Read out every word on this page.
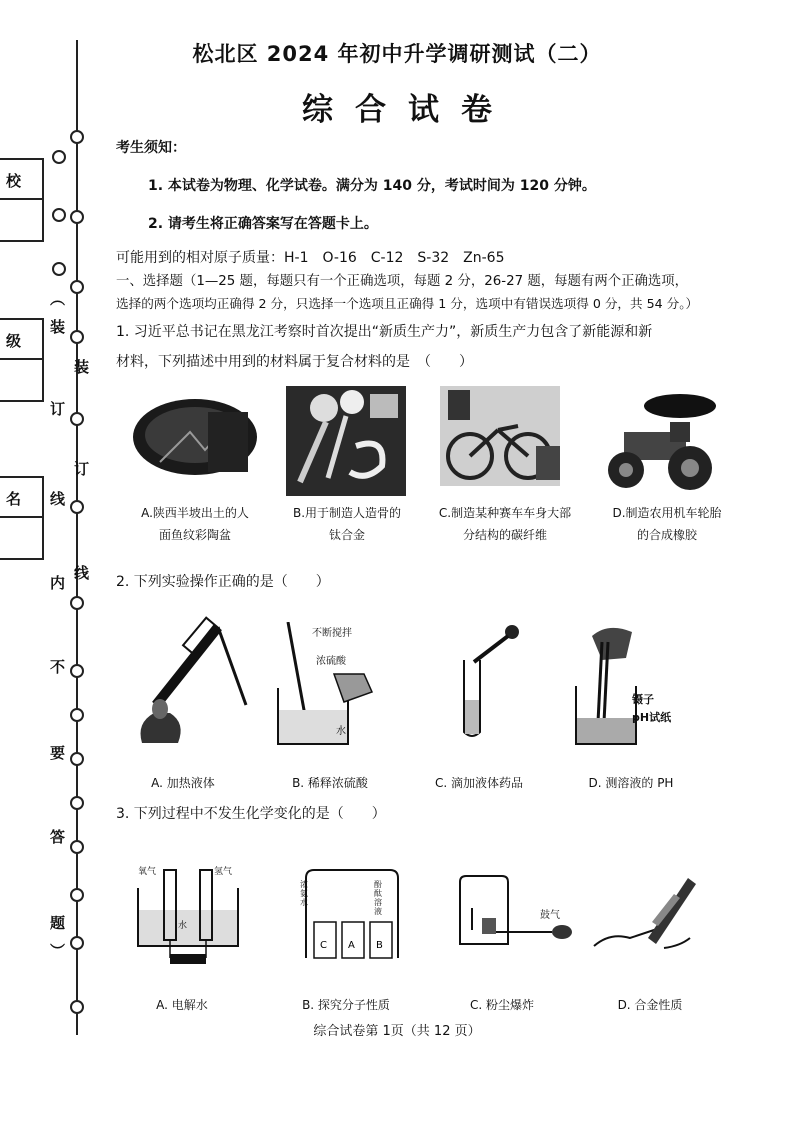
校
级
名
（
装
装
订
订
线
线
内
不
要
答
题
）
松北区 2024 年初中升学调研测试（二）
综合试卷
考生须知：
1. 本试卷为物理、化学试卷。满分为 140 分，考试时间为 120 分钟。
2. 请考生将正确答案写在答题卡上。
可能用到的相对原子质量：H-1　O-16　C-12　S-32　Zn-65
一、选择题（1—25 题，每题只有一个正确选项，每题 2 分，26-27 题，每题有两个正确选项，
选择的两个选项均正确得 2 分，只选择一个选项且正确得 1 分，选项中有错误选项得 0 分，共 54 分。）
1. 习近平总书记在黑龙江考察时首次提出“新质生产力”，新质生产力包含了新能源和新
材料，下列描述中用到的材料属于复合材料的是　（　　）
A.陕西半坡出土的人
面鱼纹彩陶盆
B.用于制造人造骨的
钛合金
C.制造某种赛车车身大部
分结构的碳纤维
D.制造农用机车轮胎
的合成橡胶
2. 下列实验操作正确的是（　　）
不断搅拌
浓硫酸
水
镊子
pH试纸
A. 加热液体	B. 稀释浓硫酸	C. 滴加液体药品	D. 测溶液的 PH
3. 下列过程中不发生化学变化的是（　　）
氧气	氢气
水
C A B
浓氨水
酚酞溶液	鼓气
A. 电解水	B. 探究分子性质	C. 粉尘爆炸	D. 合金性质
综合试卷第 1页（共 12 页）
